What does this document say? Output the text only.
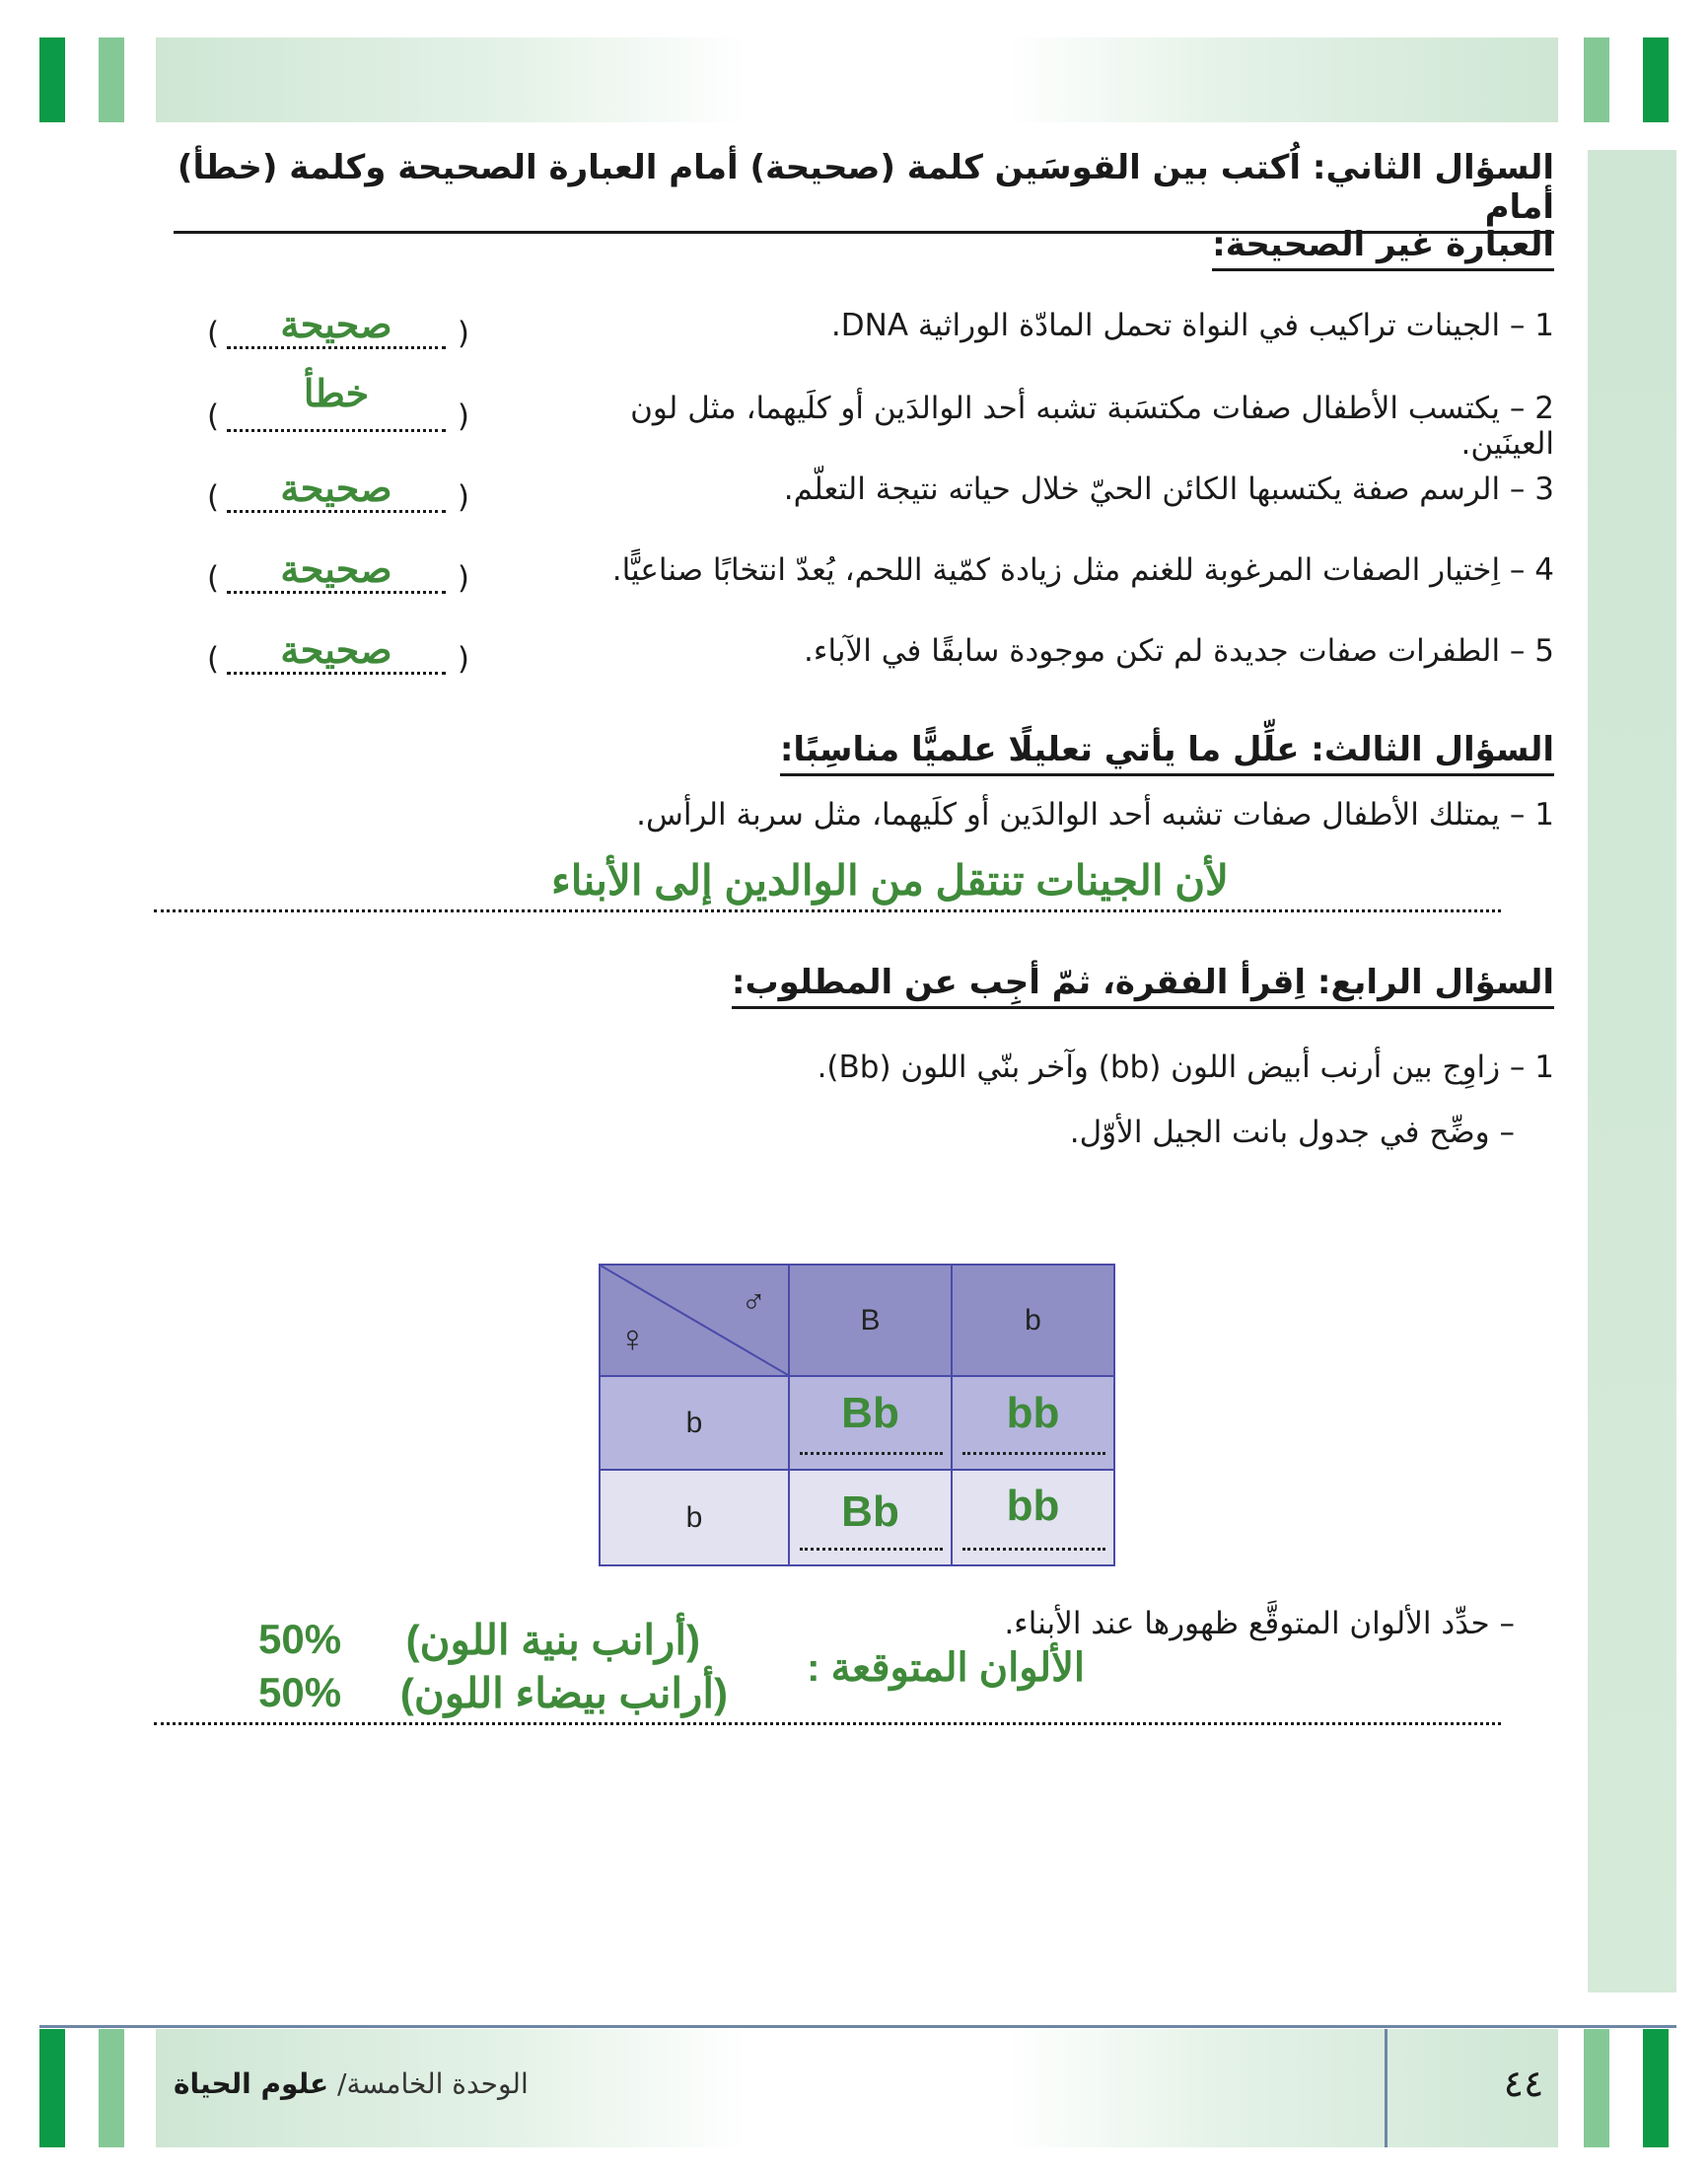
السؤال الثاني: اُكتب بين القوسَين كلمة (صحيحة) أمام العبارة الصحيحة وكلمة (خطأ) أمام
العبارة غير الصحيحة:
1 – الجينات تراكيب في النواة تحمل المادّة الوراثية DNA.
(	صحيحة	)
2 – يكتسب الأطفال صفات مكتسَبة تشبه أحد الوالدَين أو كلَيهما، مثل لون العينَين.
(
خطأ
)
3 – الرسم صفة يكتسبها الكائن الحيّ خلال حياته نتيجة التعلّم.
(	صحيحة	)
4 – اِختيار الصفات المرغوبة للغنم مثل زيادة كمّية اللحم، يُعدّ انتخابًا صناعيًّا.
(	صحيحة	)
5 – الطفرات صفات جديدة لم تكن موجودة سابقًا في الآباء.
(	صحيحة	)
السؤال الثالث: علِّل ما يأتي تعليلًا علميًّا مناسِبًا:
1 – يمتلك الأطفال صفات تشبه أحد الوالدَين أو كلَيهما، مثل سربة الرأس.
لأن الجينات تنتقل من الوالدين إلى الأبناء
السؤال الرابع: اِقرأ الفقرة، ثمّ أجِب عن المطلوب:
1 – زاوِج بين أرنب أبيض اللون (bb) وآخر بنّي اللون (Bb).
– وضِّح في جدول بانت الجيل الأوّل.
♂
♀	B	b
b	Bb	bb

b	Bb	bb
– حدِّد الألوان المتوقَّع ظهورها عند الأبناء.
الألوان المتوقعة :
50% (أرانب بنية اللون)
50% (أرانب بيضاء اللون)
الوحدة الخامسة/ علوم الحياة	٤٤
